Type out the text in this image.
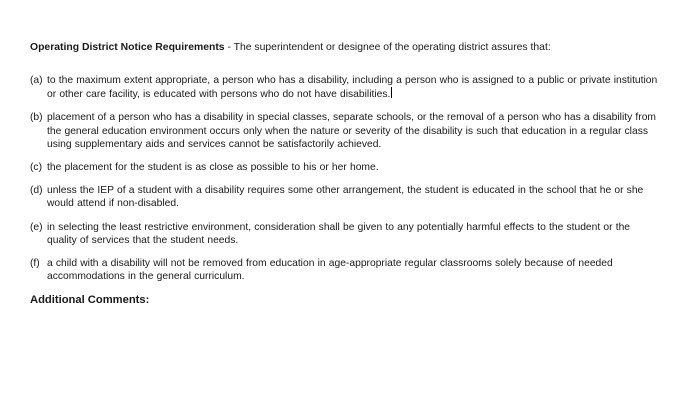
Operating District Notice Requirements - The superintendent or designee of the operating district assures that:

(a) to the maximum extent appropriate, a person who has a disability, including a person who is assigned to a public or private institution or other care facility, is educated with persons who do not have disabilities.
(b) placement of a person who has a disability in special classes, separate schools, or the removal of a person who has a disability from the general education environment occurs only when the nature or severity of the disability is such that education in a regular class using supplementary aids and services cannot be satisfactorily achieved.
(c) the placement for the student is as close as possible to his or her home.
(d) unless the IEP of a student with a disability requires some other arrangement, the student is educated in the school that he or she would attend if non-disabled.
(e) in selecting the least restrictive environment, consideration shall be given to any potentially harmful effects to the student or the quality of services that the student needs.
(f) a child with a disability will not be removed from education in age-appropriate regular classrooms solely because of needed accommodations in the general curriculum.
Additional Comments:
